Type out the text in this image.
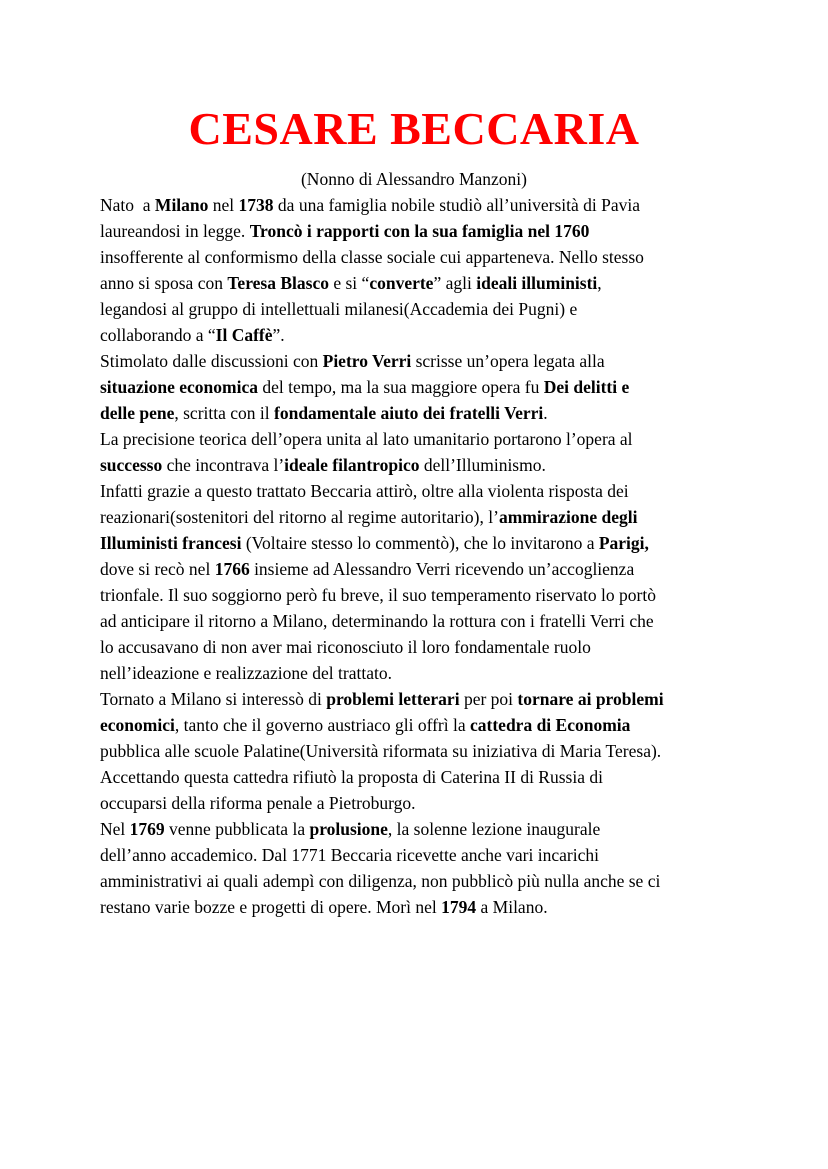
CESARE BECCARIA
(Nonno di Alessandro Manzoni)
Nato  a Milano nel 1738 da una famiglia nobile studiò all’università di Pavia
laureandosi in legge. Troncò i rapporti con la sua famiglia nel 1760
insofferente al conformismo della classe sociale cui apparteneva. Nello stesso
anno si sposa con Teresa Blasco e si “converte” agli ideali illuministi,
legandosi al gruppo di intellettuali milanesi(Accademia dei Pugni) e
collaborando a “Il Caffè”.
Stimolato dalle discussioni con Pietro Verri scrisse un’opera legata alla
situazione economica del tempo, ma la sua maggiore opera fu Dei delitti e
delle pene, scritta con il fondamentale aiuto dei fratelli Verri.
La precisione teorica dell’opera unita al lato umanitario portarono l’opera al
successo che incontrava l’ideale filantropico dell’Illuminismo.
Infatti grazie a questo trattato Beccaria attirò, oltre alla violenta risposta dei
reazionari(sostenitori del ritorno al regime autoritario), l’ammirazione degli
Illuministi francesi (Voltaire stesso lo commentò), che lo invitarono a Parigi,
dove si recò nel 1766 insieme ad Alessandro Verri ricevendo un’accoglienza
trionfale. Il suo soggiorno però fu breve, il suo temperamento riservato lo portò
ad anticipare il ritorno a Milano, determinando la rottura con i fratelli Verri che
lo accusavano di non aver mai riconosciuto il loro fondamentale ruolo
nell’ideazione e realizzazione del trattato.
Tornato a Milano si interessò di problemi letterari per poi tornare ai problemi
economici, tanto che il governo austriaco gli offrì la cattedra di Economia
pubblica alle scuole Palatine(Università riformata su iniziativa di Maria Teresa).
Accettando questa cattedra rifiutò la proposta di Caterina II di Russia di
occuparsi della riforma penale a Pietroburgo.
Nel 1769 venne pubblicata la prolusione, la solenne lezione inaugurale
dell’anno accademico. Dal 1771 Beccaria ricevette anche vari incarichi
amministrativi ai quali adempì con diligenza, non pubblicò più nulla anche se ci
restano varie bozze e progetti di opere. Morì nel 1794 a Milano.
